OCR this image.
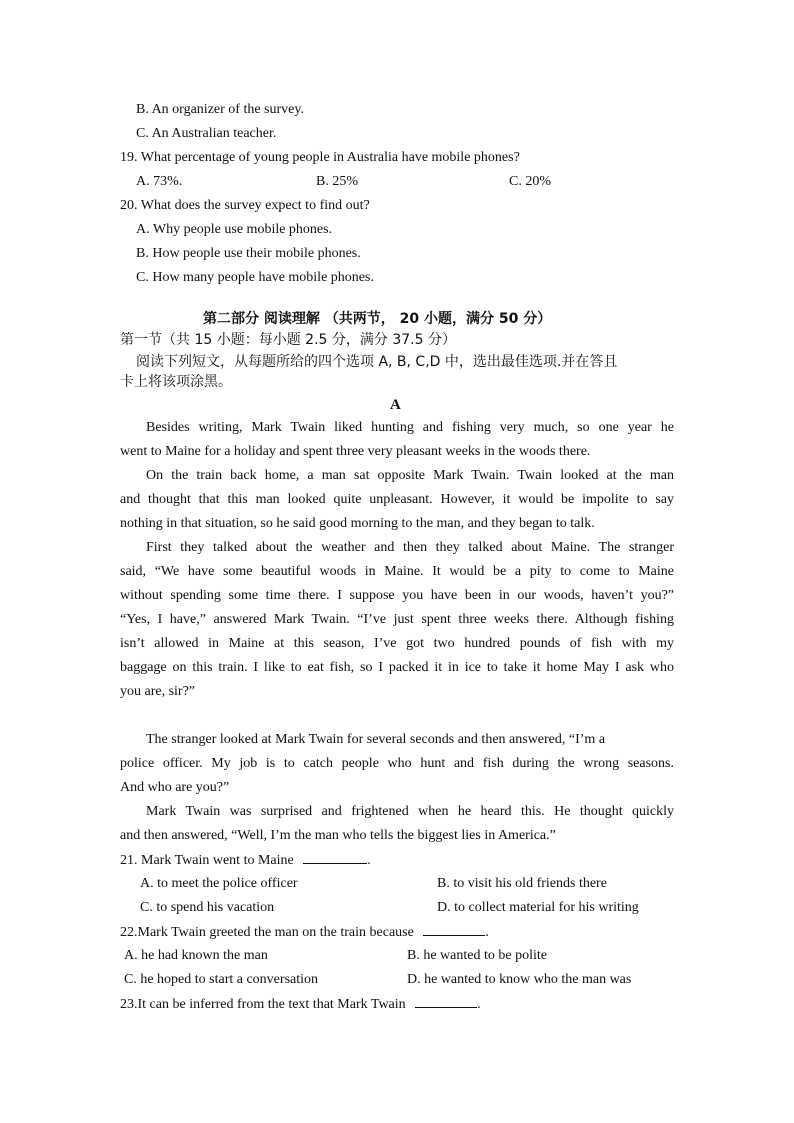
B. An organizer of the survey.
C. An Australian teacher.
19. What percentage of young people in Australia have mobile phones?
A. 73%.	B. 25%	C. 20%
20. What does the survey expect to find out?
A. Why people use mobile phones.
B. How people use their mobile phones.
C. How many people have mobile phones.
第二部分 阅读理解 （共两节， 20 小题，满分 50 分）
第一节（共 15 小题：每小题 2.5 分，满分 37.5 分）
阅读下列短文，从每题所给的四个选项 A, B, C,D 中，选出最佳选项.并在答且
卡上将该项涂黑。
A
Besides writing, Mark Twain liked hunting and fishing very much, so one year he
went to Maine for a holiday and spent three very pleasant weeks in the woods there.
On the train back home, a man sat opposite Mark Twain. Twain looked at the man
and thought that this man looked quite unpleasant. However, it would be impolite to say
nothing in that situation, so he said good morning to the man, and they began to talk.
First they talked about the weather and then they talked about Maine. The stranger
said, “We have some beautiful woods in Maine. It would be a pity to come to Maine
without spending some time there. I suppose you have been in our woods, haven’t you?”
“Yes, I have,” answered Mark Twain. “I’ve just spent three weeks there. Although fishing
isn’t allowed in Maine at this season, I’ve got two hundred pounds of fish with my
baggage on this train. I like to eat fish, so I packed it in ice to take it home May I ask who
you are, sir?”
The stranger looked at Mark Twain for several seconds and then answered, “I’m a
police officer. My job is to catch people who hunt and fish during the wrong seasons.
And who are you?”
Mark Twain was surprised and frightened when he heard this. He thought quickly
and then answered, “Well, I’m the man who tells the biggest lies in America.”
21. Mark Twain went to Maine	.
A. to meet the police officer	B. to visit his old friends there
C. to spend his vacation	D. to collect material for his writing
22.Mark Twain greeted the man on the train because	.
A. he had known the man	B. he wanted to be polite
C. he hoped to start a conversation	D. he wanted to know who the man was
23.It can be inferred from the text that Mark Twain	.
